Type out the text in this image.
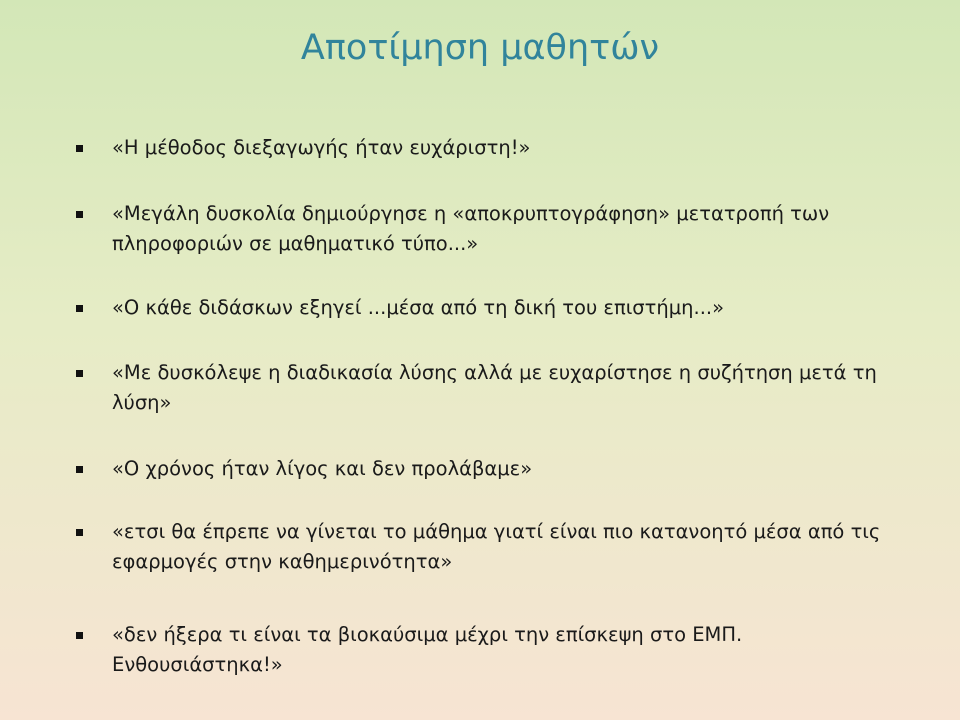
Αποτίμηση μαθητών
«Η μέθοδος διεξαγωγής ήταν ευχάριστη!»
«Μεγάλη δυσκολία δημιούργησε η «αποκρυπτογράφηση» μετατροπή των πληροφοριών σε μαθηματικό τύπο...»
«Ο κάθε διδάσκων εξηγεί ...μέσα από τη δική του επιστήμη...»
«Με δυσκόλεψε η διαδικασία λύσης αλλά με ευχαρίστησε η συζήτηση μετά τη λύση»
«Ο χρόνος ήταν λίγος και δεν προλάβαμε»
«ετσι θα έπρεπε να γίνεται το μάθημα γιατί είναι πιο κατανοητό μέσα από τις εφαρμογές στην καθημερινότητα»
«δεν ήξερα τι είναι τα βιοκαύσιμα μέχρι την επίσκεψη στο ΕΜΠ. Ενθουσιάστηκα!»
